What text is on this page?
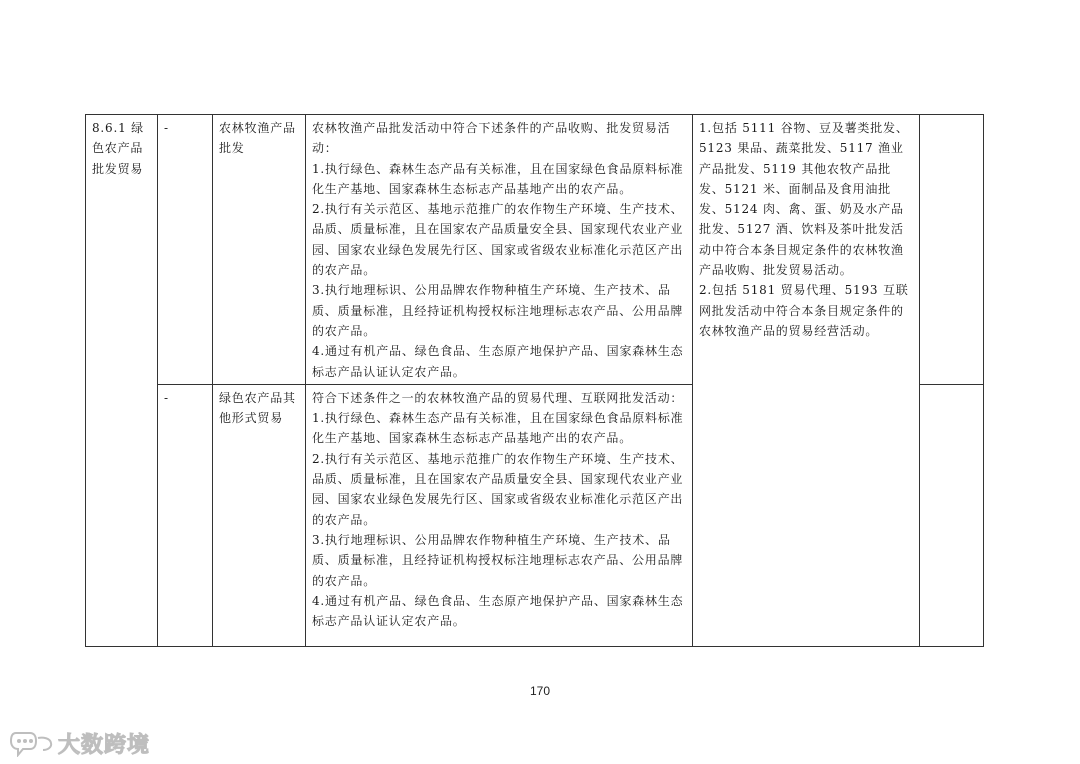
8.6.1 绿色农产品批发贸易	-	农林牧渔产品批发	农林牧渔产品批发活动中符合下述条件的产品收购、批发贸易活动：
1.执行绿色、森林生态产品有关标准，且在国家绿色食品原料标准化生产基地、国家森林生态标志产品基地产出的农产品。
2.执行有关示范区、基地示范推广的农作物生产环境、生产技术、品质、质量标准，且在国家农产品质量安全县、国家现代农业产业园、国家农业绿色发展先行区、国家或省级农业标准化示范区产出的农产品。
3.执行地理标识、公用品牌农作物种植生产环境、生产技术、品质、质量标准，且经持证机构授权标注地理标志农产品、公用品牌的农产品。
4.通过有机产品、绿色食品、生态原产地保护产品、国家森林生态标志产品认证认定农产品。	1.包括 5111 谷物、豆及薯类批发、5123 果品、蔬菜批发、5117 渔业产品批发、5119 其他农牧产品批发、5121 米、面制品及食用油批发、5124 肉、禽、蛋、奶及水产品批发、5127 酒、饮料及茶叶批发活动中符合本条目规定条件的农林牧渔产品收购、批发贸易活动。
2.包括 5181 贸易代理、5193 互联网批发活动中符合本条目规定条件的农林牧渔产品的贸易经营活动。	

	-	绿色农产品其他形式贸易	符合下述条件之一的农林牧渔产品的贸易代理、互联网批发活动：
1.执行绿色、森林生态产品有关标准，且在国家绿色食品原料标准化生产基地、国家森林生态标志产品基地产出的农产品。
2.执行有关示范区、基地示范推广的农作物生产环境、生产技术、品质、质量标准，且在国家农产品质量安全县、国家现代农业产业园、国家农业绿色发展先行区、国家或省级农业标准化示范区产出的农产品。
3.执行地理标识、公用品牌农作物种植生产环境、生产技术、品质、质量标准，且经持证机构授权标注地理标志农产品、公用品牌的农产品。
4.通过有机产品、绿色食品、生态原产地保护产品、国家森林生态标志产品认证认定农产品。		

170
大数跨境
